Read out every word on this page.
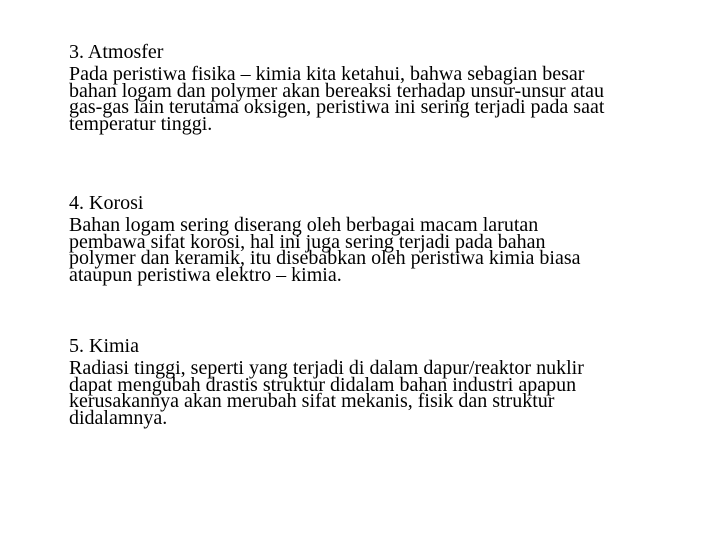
3. Atmosfer

Pada peristiwa fisika – kimia kita ketahui, bahwa sebagian besar

bahan logam dan polymer akan bereaksi terhadap unsur-unsur atau

gas-gas lain terutama oksigen, peristiwa ini sering terjadi pada saat

temperatur tinggi.

4. Korosi

Bahan logam sering diserang oleh berbagai macam larutan

pembawa sifat korosi, hal ini juga sering terjadi pada bahan

polymer dan keramik, itu disebabkan oleh peristiwa kimia biasa

ataupun peristiwa elektro – kimia.

5. Kimia

Radiasi tinggi, seperti yang terjadi di dalam dapur/reaktor nuklir

dapat mengubah drastis struktur didalam bahan industri apapun

kerusakannya akan merubah sifat mekanis, fisik dan struktur

didalamnya.
